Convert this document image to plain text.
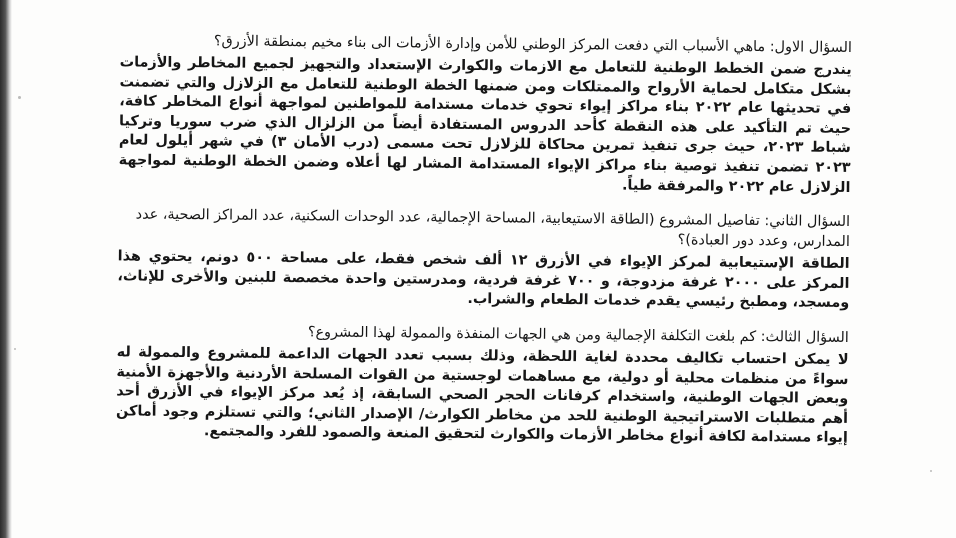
السؤال الاول: ماهي الأسباب التي دفعت المركز الوطني للأمن وإدارة الأزمات الى بناء مخيم بمنطقة الأزرق؟

يندرج ضمن الخطط الوطنية للتعامل مع الازمات والكوارث الإستعداد والتجهيز لجميع المخاطر والأزمات بشكل متكامل لحماية الأرواح والممتلكات ومن ضمنها الخطة الوطنية للتعامل مع الزلازل والتي تضمنت في تحديثها عام ٢٠٢٢ بناء مراكز إيواء تحوي خدمات مستدامة للمواطنين لمواجهة أنواع المخاطر كافة، حيث تم التأكيد على هذه النقطة كأحد الدروس المستفادة أيضاً من الزلزال الذي ضرب سوريا وتركيا شباط ٢٠٢٣، حيث جرى تنفيذ تمرين محاكاة للزلازل تحت مسمى (درب الأمان ٣) في شهر أيلول لعام ٢٠٢٣ تضمن تنفيذ توصية بناء مراكز الإيواء المستدامة المشار لها أعلاه وضمن الخطة الوطنية لمواجهة الزلازل عام ٢٠٢٢ والمرفقة طياً.

السؤال الثاني: تفاصيل المشروع (الطاقة الاستيعابية، المساحة الإجمالية، عدد الوحدات السكنية، عدد المراكز الصحية، عدد المدارس، وعدد دور العبادة)؟

الطاقة الإستيعابية لمركز الإيواء في الأزرق ١٢ ألف شخص فقط، على مساحة ٥٠٠ دونم، يحتوي هذا المركز على ٢٠٠٠ غرفة مزدوجة، و ٧٠٠ غرفة فردية، ومدرستين واحدة مخصصة للبنين والأخرى للإناث، ومسجد، ومطبخ رئيسي يقدم خدمات الطعام والشراب.

السؤال الثالث: كم بلغت التكلفة الإجمالية ومن هي الجهات المنفذة والممولة لهذا المشروع؟

لا يمكن احتساب تكاليف محددة لغاية اللحظة، وذلك بسبب تعدد الجهات الداعمة للمشروع والممولة له سواءً من منظمات محلية أو دولية، مع مساهمات لوجستية من القوات المسلحة الأردنية والأجهزة الأمنية وبعض الجهات الوطنية، واستخدام كرفانات الحجر الصحي السابقة، إذ يُعد مركز الإيواء في الأزرق أحد أهم متطلبات الاستراتيجية الوطنية للحد من مخاطر الكوارث/ الإصدار الثاني؛ والتي تستلزم وجود أماكن إيواء مستدامة لكافة أنواع مخاطر الأزمات والكوارث لتحقيق المنعة والصمود للفرد والمجتمع.
